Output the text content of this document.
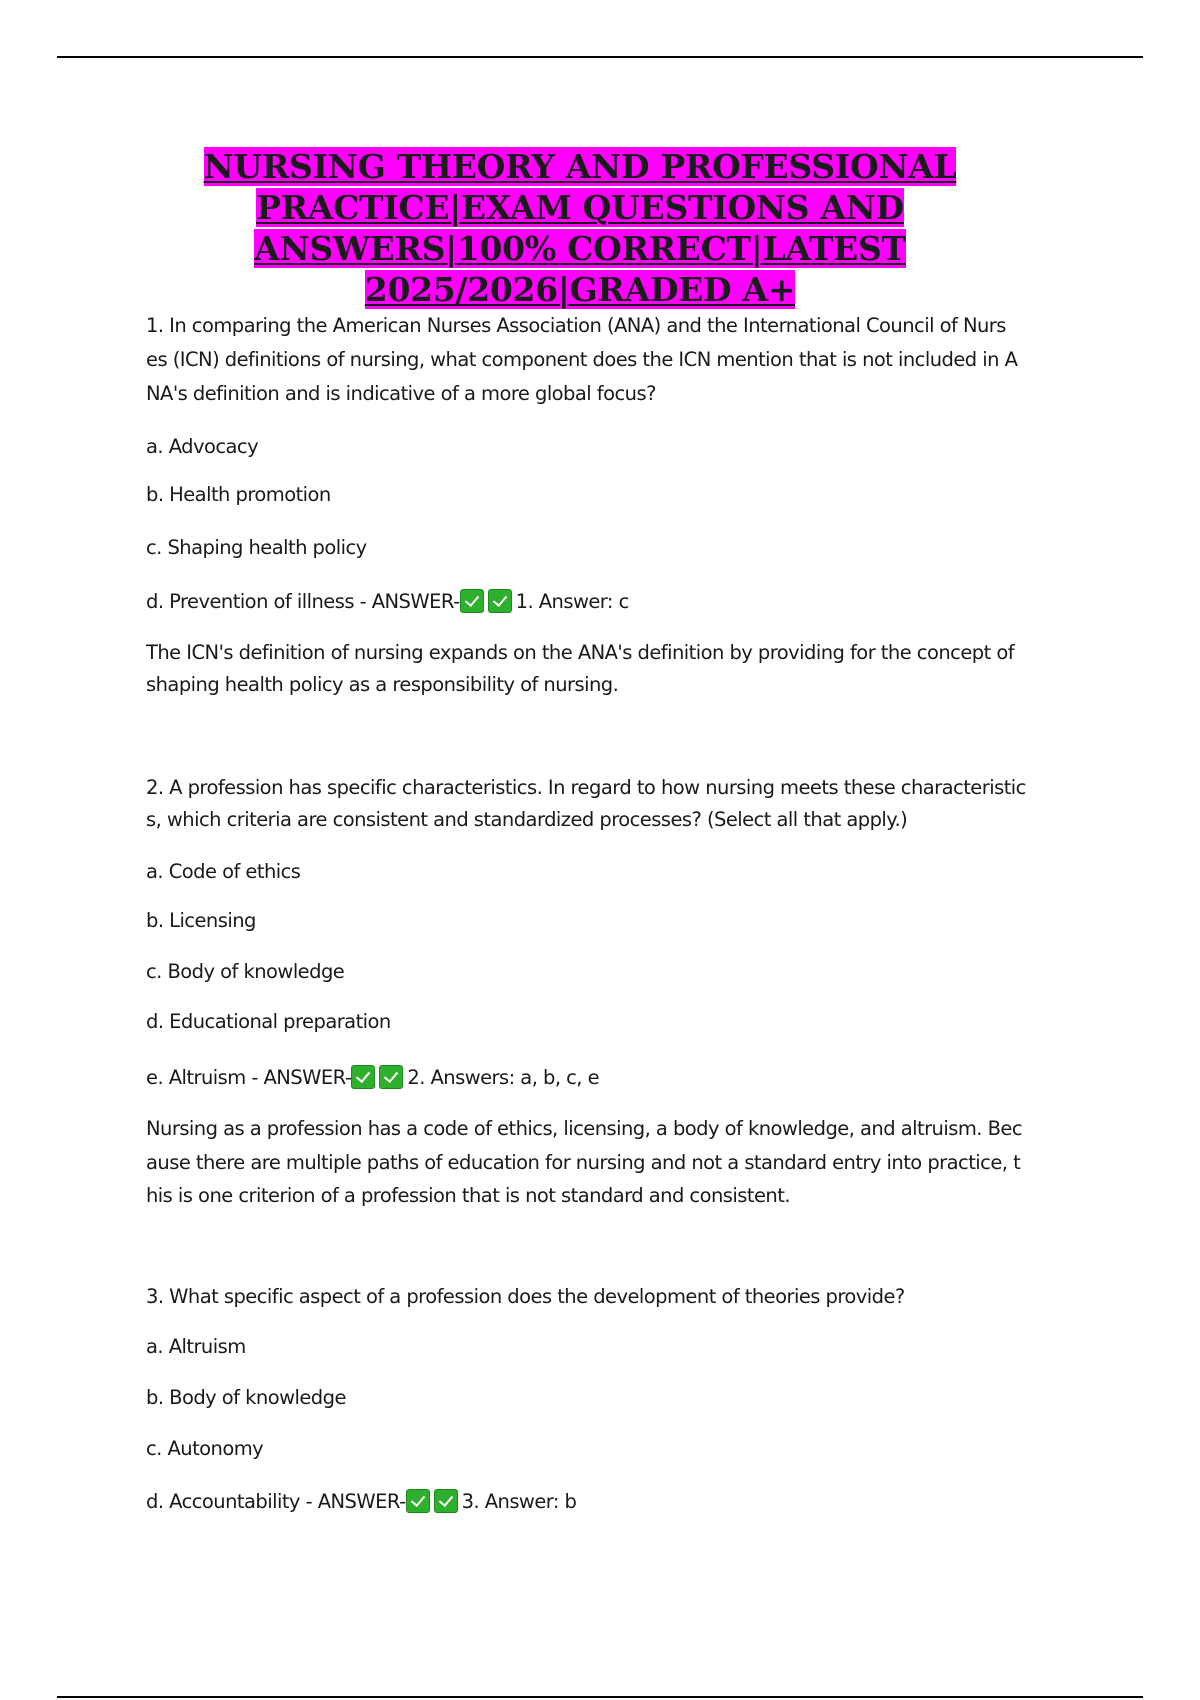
NURSING THEORY AND PROFESSIONAL PRACTICE|EXAM QUESTIONS AND ANSWERS|100% CORRECT|LATEST 2025/2026|GRADED A+

1. In comparing the American Nurses Association (ANA) and the International Council of Nurs

es (ICN) definitions of nursing, what component does the ICN mention that is not included in A

NA's definition and is indicative of a more global focus?

a. Advocacy

b. Health promotion

c. Shaping health policy

d. Prevention of illness - ANSWER-	1. Answer: c

The ICN's definition of nursing expands on the ANA's definition by providing for the concept of

shaping health policy as a responsibility of nursing.

2. A profession has specific characteristics. In regard to how nursing meets these characteristic

s, which criteria are consistent and standardized processes? (Select all that apply.)

a. Code of ethics

b. Licensing

c. Body of knowledge

d. Educational preparation

e. Altruism - ANSWER-	2. Answers: a, b, c, e

Nursing as a profession has a code of ethics, licensing, a body of knowledge, and altruism. Bec

ause there are multiple paths of education for nursing and not a standard entry into practice, t

his is one criterion of a profession that is not standard and consistent.

3. What specific aspect of a profession does the development of theories provide?

a. Altruism

b. Body of knowledge

c. Autonomy

d. Accountability - ANSWER-	3. Answer: b
